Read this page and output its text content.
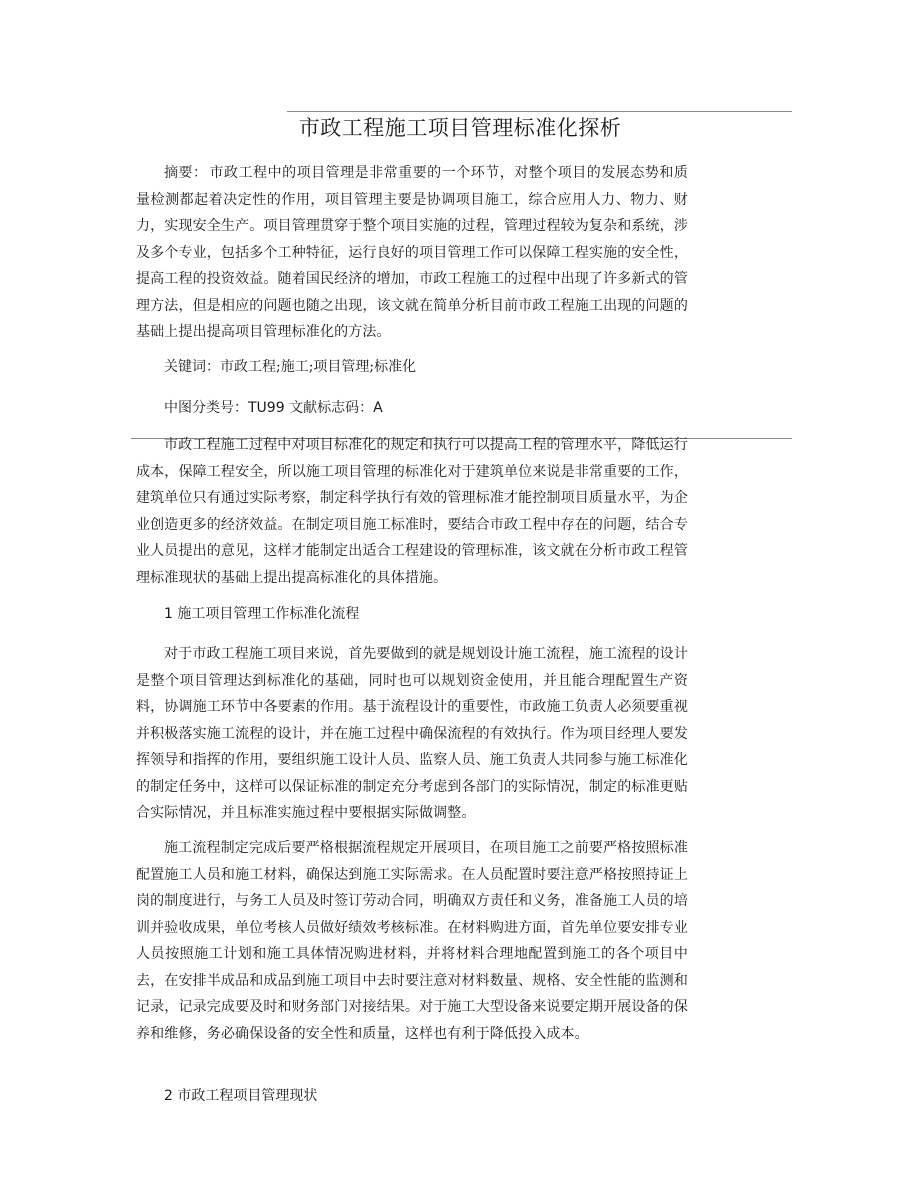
市政工程施工项目管理标准化探析

摘要： 市政工程中的项目管理是非常重要的一个环节，对整个项目的发展态势和质量检测都起着决定性的作用，项目管理主要是协调项目施工，综合应用人力、物力、财力，实现安全生产。项目管理贯穿于整个项目实施的过程，管理过程较为复杂和系统，涉及多个专业，包括多个工种特征，运行良好的项目管理工作可以保障工程实施的安全性，提高工程的投资效益。随着国民经济的增加，市政工程施工的过程中出现了许多新式的管理方法，但是相应的问题也随之出现，该文就在简单分析目前市政工程施工出现的问题的基础上提出提高项目管理标准化的方法。

关键词：市政工程;施工;项目管理;标准化

中图分类号：TU99 文献标志码：A

市政工程施工过程中对项目标准化的规定和执行可以提高工程的管理水平，降低运行成本，保障工程安全，所以施工项目管理的标准化对于建筑单位来说是非常重要的工作，建筑单位只有通过实际考察，制定科学执行有效的管理标准才能控制项目质量水平，为企业创造更多的经济效益。在制定项目施工标准时，要结合市政工程中存在的问题，结合专业人员提出的意见，这样才能制定出适合工程建设的管理标准，该文就在分析市政工程管理标准现状的基础上提出提高标准化的具体措施。

1 施工项目管理工作标准化流程

对于市政工程施工项目来说，首先要做到的就是规划设计施工流程，施工流程的设计是整个项目管理达到标准化的基础，同时也可以规划资金使用，并且能合理配置生产资料，协调施工环节中各要素的作用。基于流程设计的重要性，市政施工负责人必须要重视并积极落实施工流程的设计，并在施工过程中确保流程的有效执行。作为项目经理人要发挥领导和指挥的作用，要组织施工设计人员、监察人员、施工负责人共同参与施工标准化的制定任务中，这样可以保证标准的制定充分考虑到各部门的实际情况，制定的标准更贴合实际情况，并且标准实施过程中要根据实际做调整。

施工流程制定完成后要严格根据流程规定开展项目，在项目施工之前要严格按照标准配置施工人员和施工材料，确保达到施工实际需求。在人员配置时要注意严格按照持证上岗的制度进行，与务工人员及时签订劳动合同，明确双方责任和义务，准备施工人员的培训并验收成果，单位考核人员做好绩效考核标准。在材料购进方面，首先单位要安排专业人员按照施工计划和施工具体情况购进材料，并将材料合理地配置到施工的各个项目中去，在安排半成品和成品到施工项目中去时要注意对材料数量、规格、安全性能的监测和记录，记录完成要及时和财务部门对接结果。对于施工大型设备来说要定期开展设备的保养和维修，务必确保设备的安全性和质量，这样也有利于降低投入成本。

2 市政工程项目管理现状
